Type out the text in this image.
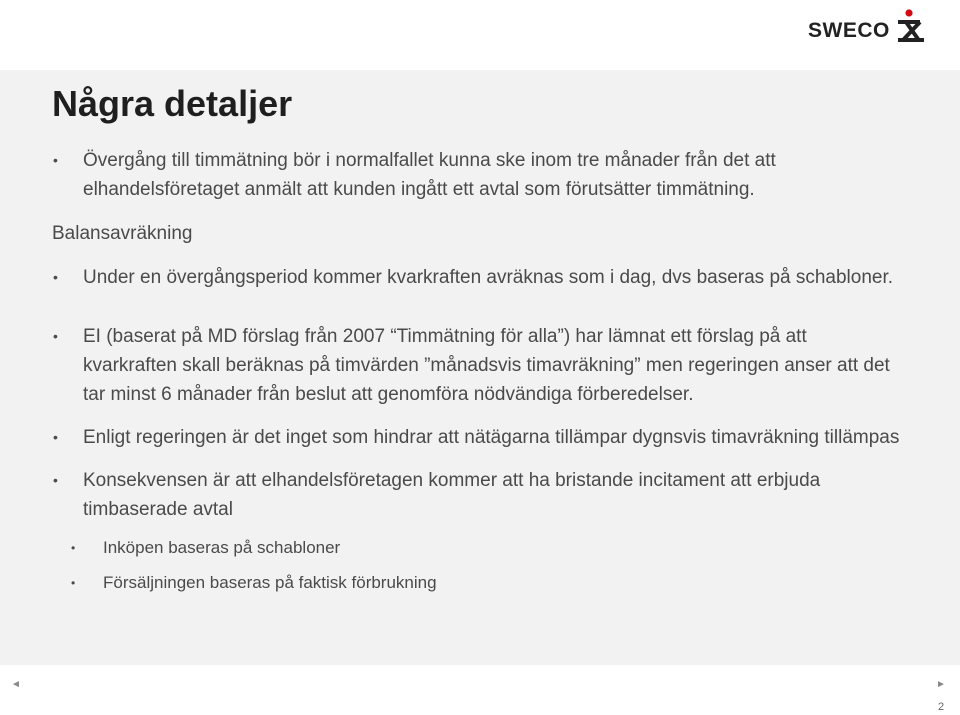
SWECO
Några detaljer
• Övergång till timmätning bör i normalfallet kunna ske inom tre månader från det att elhandelsföretaget anmält att kunden ingått ett avtal som förutsätter timmätning.
Balansavräkning
• Under en övergångsperiod kommer kvarkraften avräknas som i dag, dvs baseras på schabloner.
• EI (baserat på MD förslag från 2007 “Timmätning för alla”) har lämnat ett förslag på att kvarkraften skall beräknas på timvärden ”månadsvis timavräkning” men regeringen anser att det tar minst 6 månader från beslut att genomföra nödvändiga förberedelser.
• Enligt regeringen är det inget som hindrar att nätägarna tillämpar dygnsvis timavräkning tillämpas
• Konsekvensen är att elhandelsföretagen kommer att ha bristande incitament att erbjuda timbaserade avtal
• Inköpen baseras på schabloner
• Försäljningen baseras på faktisk förbrukning
◄	►
2
